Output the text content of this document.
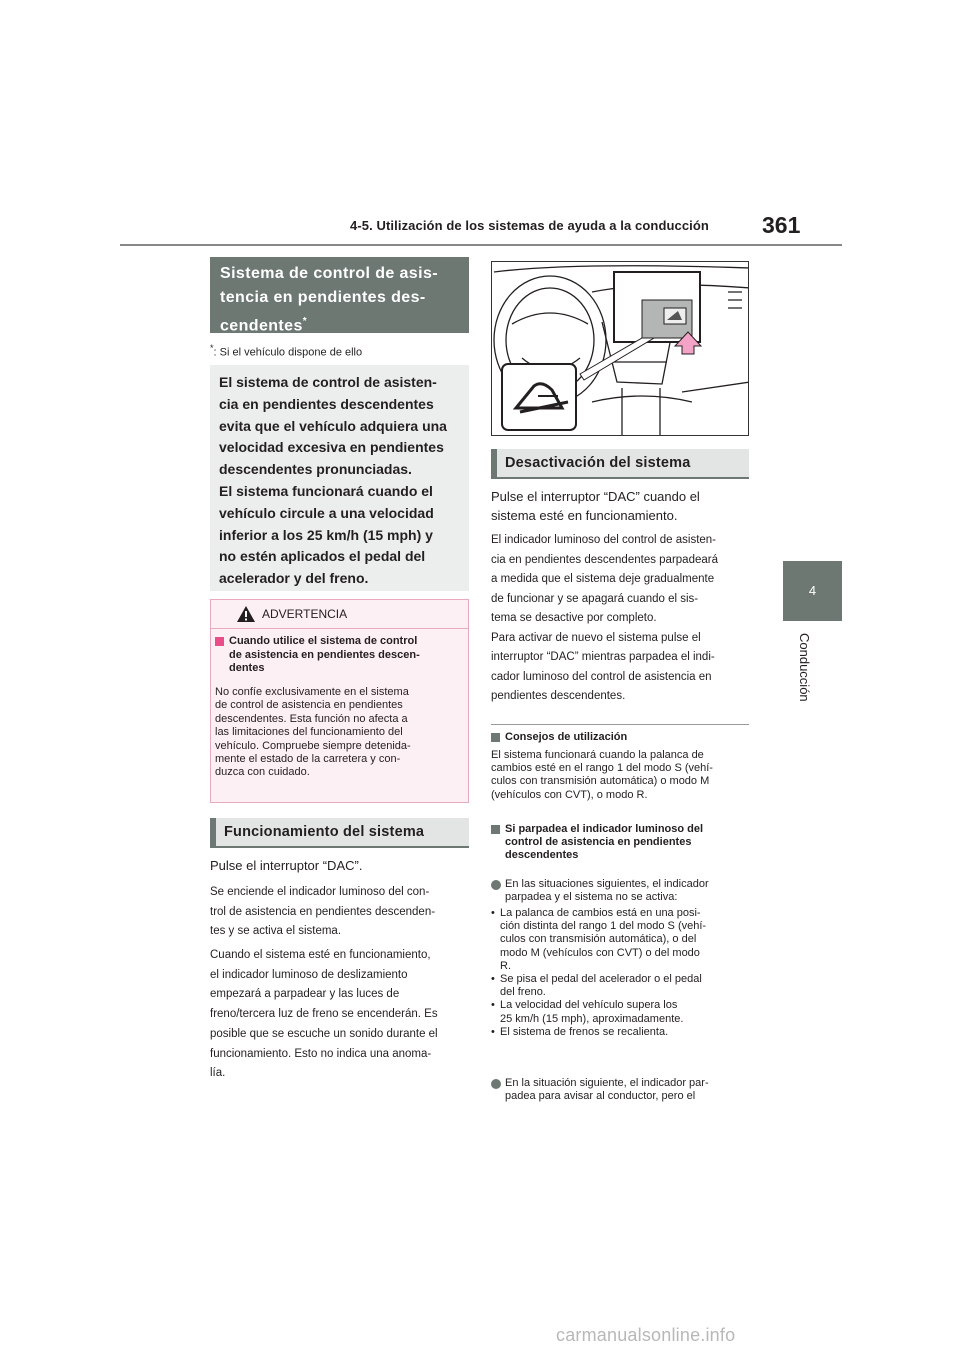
4-5. Utilización de los sistemas de ayuda a la conducción 361
4
Conducción
Sistema de control de asis-
tencia en pendientes des-
cendentes*
*: Si el vehículo dispone de ello
El sistema de control de asisten-
cia en pendientes descendentes
evita que el vehículo adquiera una
velocidad excesiva en pendientes
descendentes pronunciadas.
El sistema funcionará cuando el
vehículo circule a una velocidad
inferior a los 25 km/h (15 mph) y
no estén aplicados el pedal del
acelerador y del freno.
ADVERTENCIA
Cuando utilice el sistema de control
de asistencia en pendientes descen-
dentes
No confíe exclusivamente en el sistema
de control de asistencia en pendientes
descendentes. Esta función no afecta a
las limitaciones del funcionamiento del
vehículo. Compruebe siempre detenida-
mente el estado de la carretera y con-
duzca con cuidado.
Funcionamiento del sistema
Pulse el interruptor “DAC”.
Se enciende el indicador luminoso del con-
trol de asistencia en pendientes descenden-
tes y se activa el sistema.
Cuando el sistema esté en funcionamiento,
el indicador luminoso de deslizamiento
empezará a parpadear y las luces de
freno/tercera luz de freno se encenderán. Es
posible que se escuche un sonido durante el
funcionamiento. Esto no indica una anoma-
lía.
Desactivación del sistema
Pulse el interruptor “DAC” cuando el
sistema esté en funcionamiento.
El indicador luminoso del control de asisten-
cia en pendientes descendentes parpadeará
a medida que el sistema deje gradualmente
de funcionar y se apagará cuando el sis-
tema se desactive por completo.
Para activar de nuevo el sistema pulse el
interruptor “DAC” mientras parpadea el indi-
cador luminoso del control de asistencia en
pendientes descendentes.
Consejos de utilización
El sistema funcionará cuando la palanca de
cambios esté en el rango 1 del modo S (vehí-
culos con transmisión automática) o modo M
(vehículos con CVT), o modo R.
Si parpadea el indicador luminoso del
control de asistencia en pendientes
descendentes
En las situaciones siguientes, el indicador
parpadea y el sistema no se activa:
• La palanca de cambios está en una posi-
ción distinta del rango 1 del modo S (vehí-
culos con transmisión automática), o del
modo M (vehículos con CVT) o del modo
R.
• Se pisa el pedal del acelerador o el pedal
del freno.
• La velocidad del vehículo supera los
25 km/h (15 mph), aproximadamente.
• El sistema de frenos se recalienta.
En la situación siguiente, el indicador par-
padea para avisar al conductor, pero el
carmanualsonline.info
